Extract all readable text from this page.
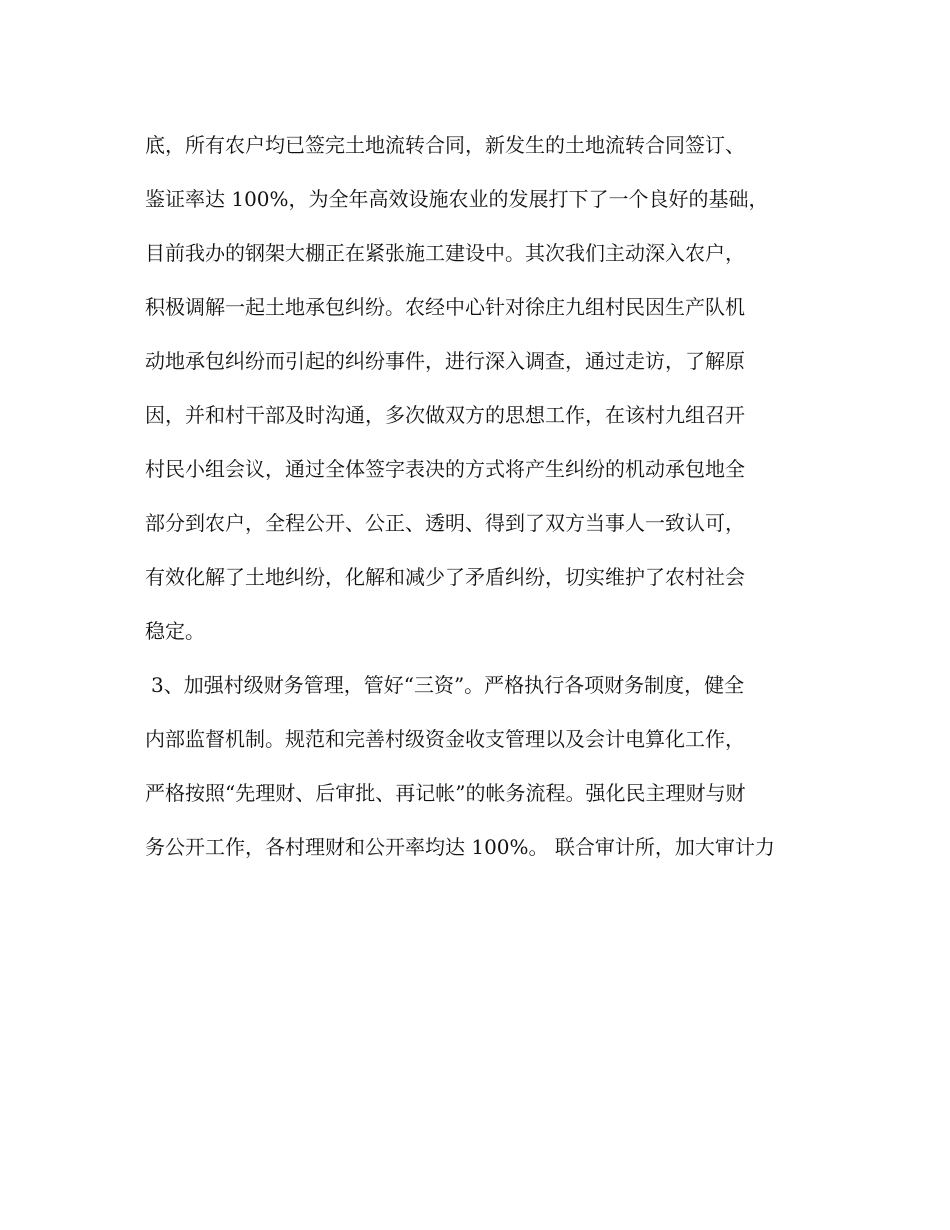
底，所有农户均已签完土地流转合同，新发生的土地流转合同签订、
鉴证率达 100%，为全年高效设施农业的发展打下了一个良好的基础，
目前我办的钢架大棚正在紧张施工建设中。其次我们主动深入农户，
积极调解一起土地承包纠纷。农经中心针对徐庄九组村民因生产队机
动地承包纠纷而引起的纠纷事件，进行深入调查，通过走访，了解原
因，并和村干部及时沟通，多次做双方的思想工作，在该村九组召开
村民小组会议，通过全体签字表决的方式将产生纠纷的机动承包地全
部分到农户，全程公开、公正、透明、得到了双方当事人一致认可，
有效化解了土地纠纷，化解和减少了矛盾纠纷，切实维护了农村社会
稳定。
3、加强村级财务管理，管好“三资”。严格执行各项财务制度，健全
内部监督机制。规范和完善村级资金收支管理以及会计电算化工作，
严格按照“先理财、后审批、再记帐”的帐务流程。强化民主理财与财
务公开工作，各村理财和公开率均达 100%。 联合审计所，加大审计力
